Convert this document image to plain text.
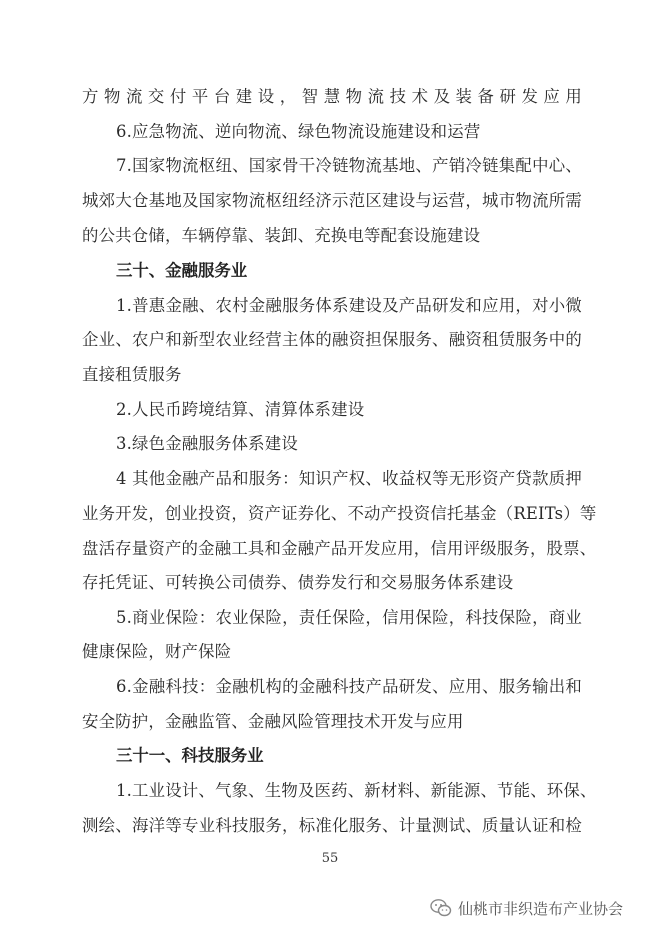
方物流交付平台建设，智慧物流技术及装备研发应用
6.应急物流、逆向物流、绿色物流设施建设和运营
7.国家物流枢纽、国家骨干冷链物流基地、产销冷链集配中心、
城郊大仓基地及国家物流枢纽经济示范区建设与运营，城市物流所需
的公共仓储，车辆停靠、装卸、充换电等配套设施建设
三十、金融服务业
1.普惠金融、农村金融服务体系建设及产品研发和应用，对小微
企业、农户和新型农业经营主体的融资担保服务、融资租赁服务中的
直接租赁服务
2.人民币跨境结算、清算体系建设
3.绿色金融服务体系建设
4 其他金融产品和服务：知识产权、收益权等无形资产贷款质押
业务开发，创业投资，资产证券化、不动产投资信托基金（REITs）等
盘活存量资产的金融工具和金融产品开发应用，信用评级服务，股票、
存托凭证、可转换公司债券、债券发行和交易服务体系建设
5.商业保险：农业保险，责任保险，信用保险，科技保险，商业
健康保险，财产保险
6.金融科技：金融机构的金融科技产品研发、应用、服务输出和
安全防护，金融监管、金融风险管理技术开发与应用
三十一、科技服务业
1.工业设计、气象、生物及医药、新材料、新能源、节能、环保、
测绘、海洋等专业科技服务，标准化服务、计量测试、质量认证和检
55
仙桃市非织造布产业协会
